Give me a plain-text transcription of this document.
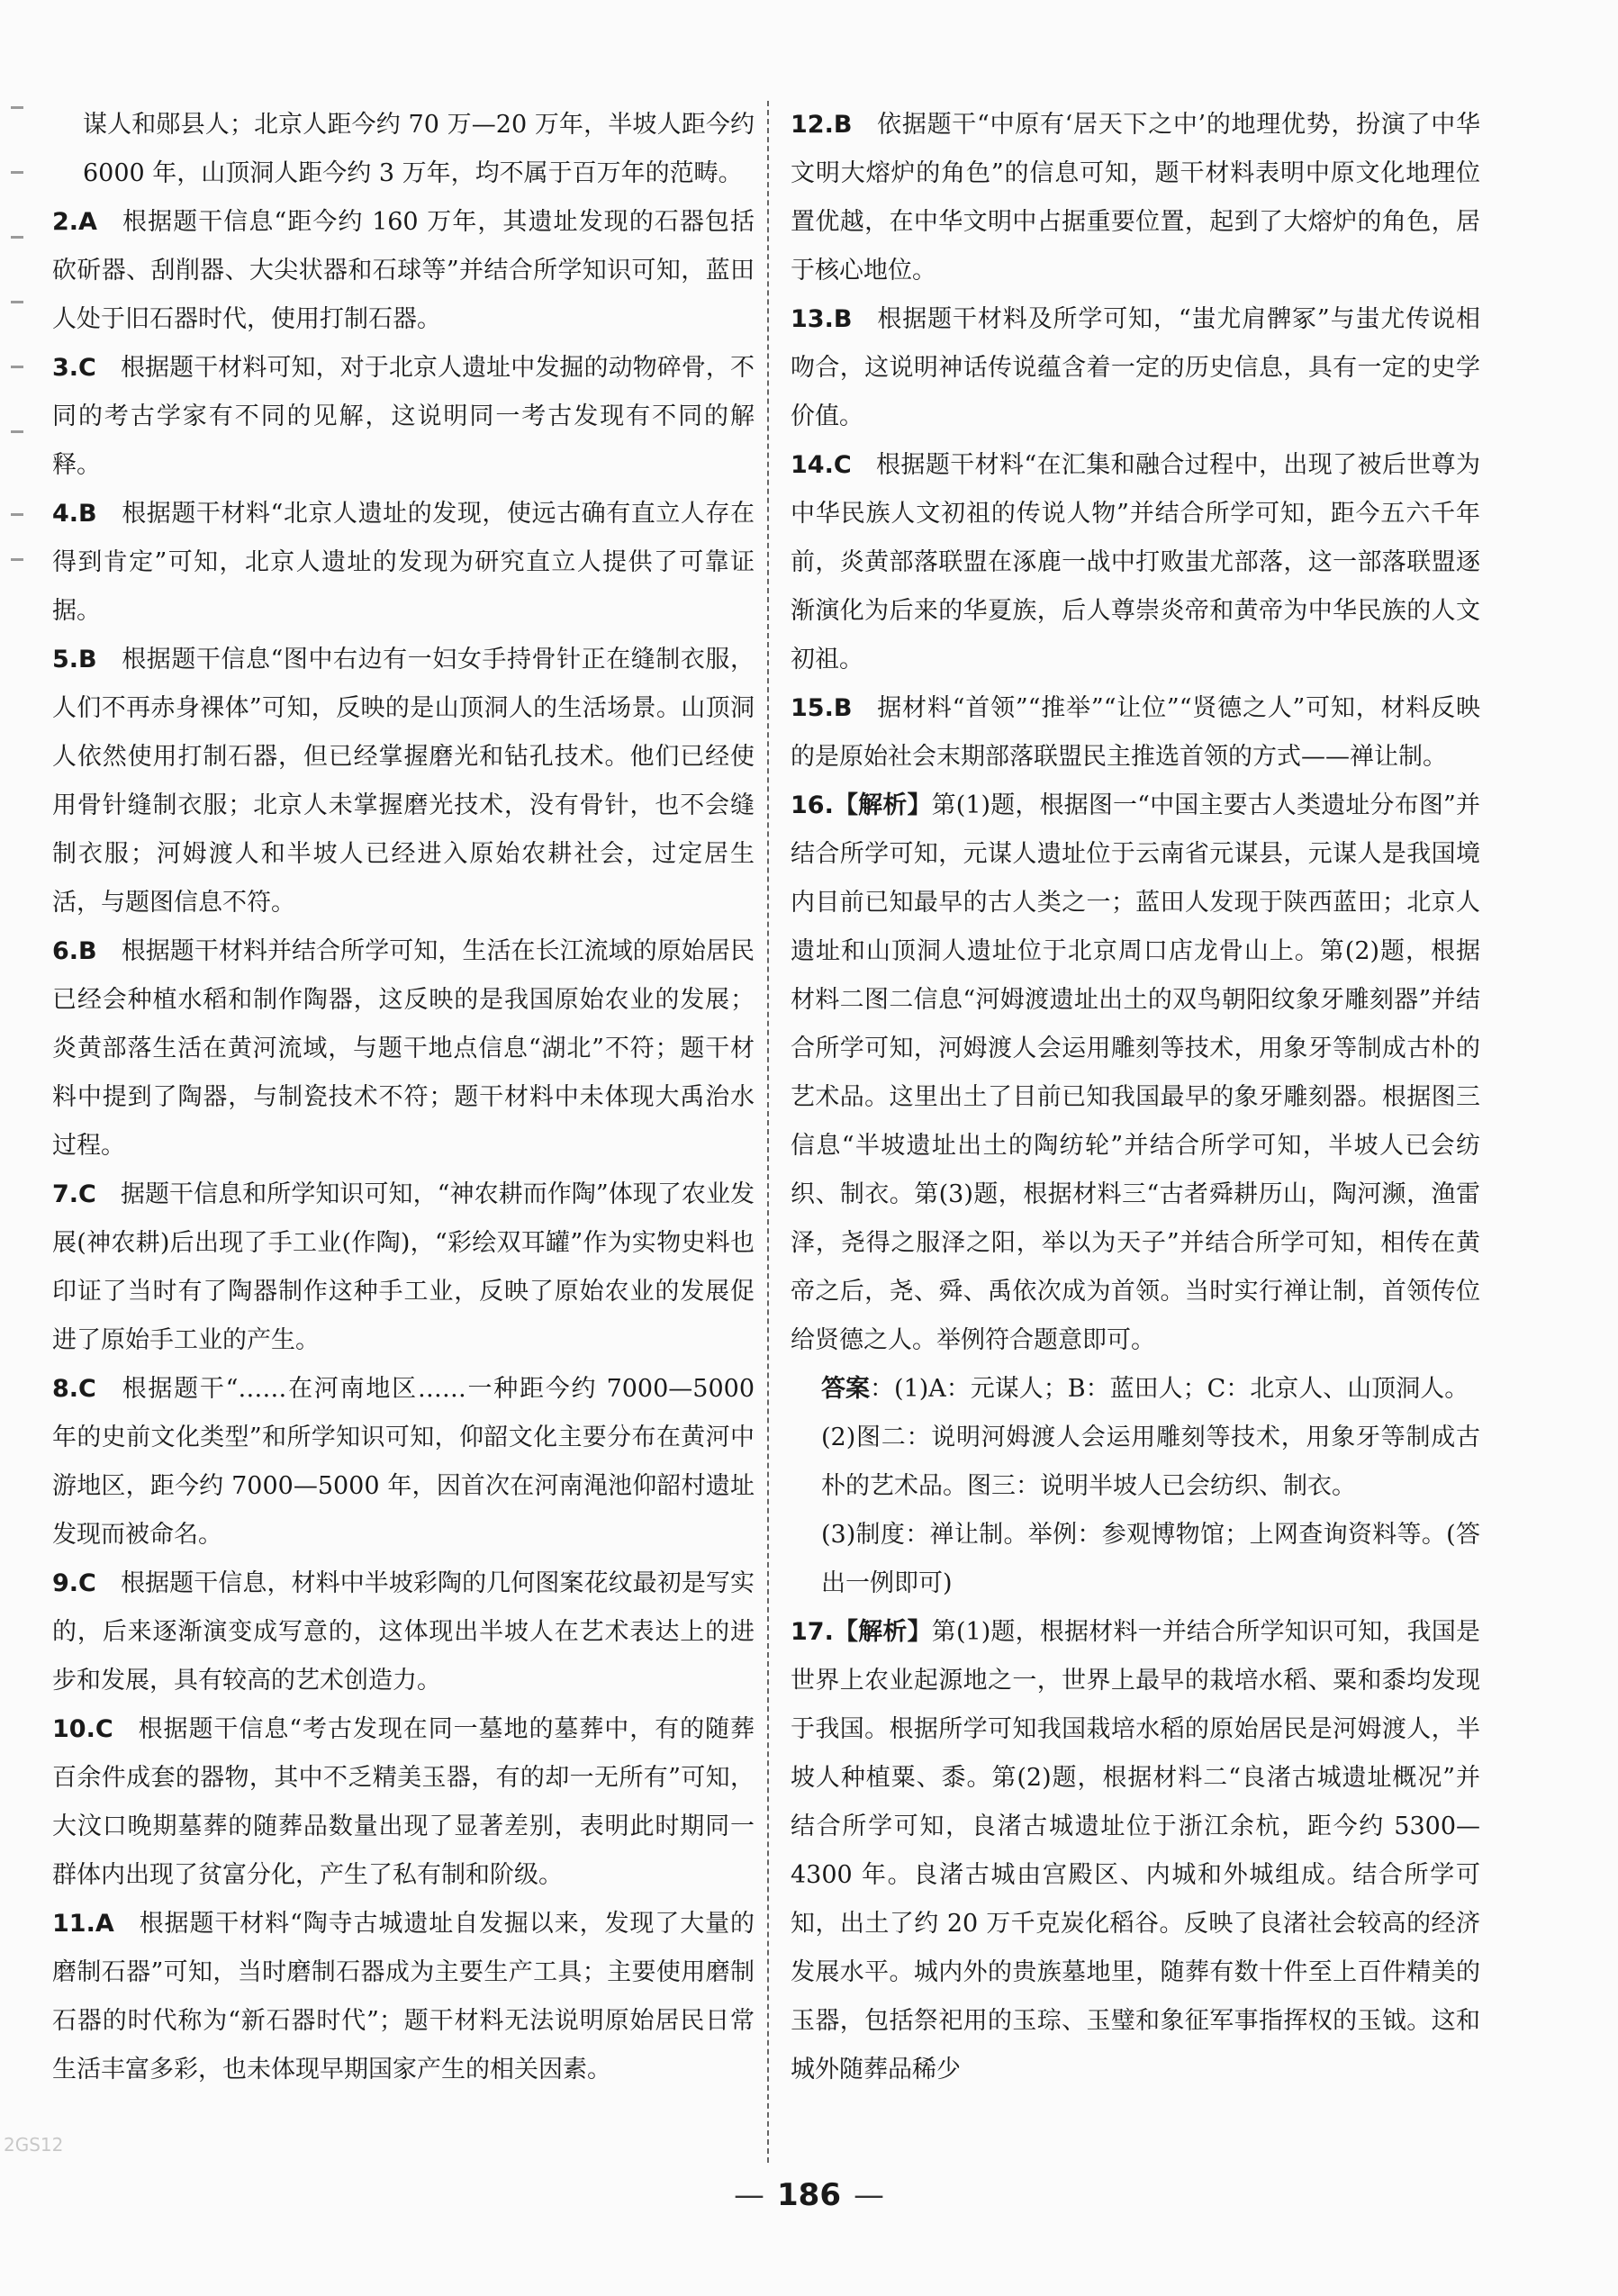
谋人和郧县人；北京人距今约 70 万—20 万年，半坡人距今约 6000 年，山顶洞人距今约 3 万年，均不属于百万年的范畴。

2.A  根据题干信息“距今约 160 万年，其遗址发现的石器包括砍斫器、刮削器、大尖状器和石球等”并结合所学知识可知，蓝田人处于旧石器时代，使用打制石器。

3.C  根据题干材料可知，对于北京人遗址中发掘的动物碎骨，不同的考古学家有不同的见解，这说明同一考古发现有不同的解释。

4.B  根据题干材料“北京人遗址的发现，使远古确有直立人存在得到肯定”可知，北京人遗址的发现为研究直立人提供了可靠证据。

5.B  根据题干信息“图中右边有一妇女手持骨针正在缝制衣服，人们不再赤身裸体”可知，反映的是山顶洞人的生活场景。山顶洞人依然使用打制石器，但已经掌握磨光和钻孔技术。他们已经使用骨针缝制衣服；北京人未掌握磨光技术，没有骨针，也不会缝制衣服；河姆渡人和半坡人已经进入原始农耕社会，过定居生活，与题图信息不符。

6.B  根据题干材料并结合所学可知，生活在长江流域的原始居民已经会种植水稻和制作陶器，这反映的是我国原始农业的发展；炎黄部落生活在黄河流域，与题干地点信息“湖北”不符；题干材料中提到了陶器，与制瓷技术不符；题干材料中未体现大禹治水过程。

7.C  据题干信息和所学知识可知，“神农耕而作陶”体现了农业发展(神农耕)后出现了手工业(作陶)，“彩绘双耳罐”作为实物史料也印证了当时有了陶器制作这种手工业，反映了原始农业的发展促进了原始手工业的产生。

8.C  根据题干“……在河南地区……一种距今约 7000—5000 年的史前文化类型”和所学知识可知，仰韶文化主要分布在黄河中游地区，距今约 7000—5000 年，因首次在河南渑池仰韶村遗址发现而被命名。

9.C  根据题干信息，材料中半坡彩陶的几何图案花纹最初是写实的，后来逐渐演变成写意的，这体现出半坡人在艺术表达上的进步和发展，具有较高的艺术创造力。

10.C  根据题干信息“考古发现在同一墓地的墓葬中，有的随葬百余件成套的器物，其中不乏精美玉器，有的却一无所有”可知，大汶口晚期墓葬的随葬品数量出现了显著差别，表明此时期同一群体内出现了贫富分化，产生了私有制和阶级。

11.A  根据题干材料“陶寺古城遗址自发掘以来，发现了大量的磨制石器”可知，当时磨制石器成为主要生产工具；主要使用磨制石器的时代称为“新石器时代”；题干材料无法说明原始居民日常生活丰富多彩，也未体现早期国家产生的相关因素。

12.B  依据题干“中原有‘居天下之中’的地理优势，扮演了中华文明大熔炉的角色”的信息可知，题干材料表明中原文化地理位置优越，在中华文明中占据重要位置，起到了大熔炉的角色，居于核心地位。

13.B  根据题干材料及所学可知，“蚩尤肩髀冢”与蚩尤传说相吻合，这说明神话传说蕴含着一定的历史信息，具有一定的史学价值。

14.C  根据题干材料“在汇集和融合过程中，出现了被后世尊为中华民族人文初祖的传说人物”并结合所学可知，距今五六千年前，炎黄部落联盟在涿鹿一战中打败蚩尤部落，这一部落联盟逐渐演化为后来的华夏族，后人尊崇炎帝和黄帝为中华民族的人文初祖。

15.B  据材料“首领”“推举”“让位”“贤德之人”可知，材料反映的是原始社会末期部落联盟民主推选首领的方式——禅让制。

16.【解析】第(1)题，根据图一“中国主要古人类遗址分布图”并结合所学可知，元谋人遗址位于云南省元谋县，元谋人是我国境内目前已知最早的古人类之一；蓝田人发现于陕西蓝田；北京人遗址和山顶洞人遗址位于北京周口店龙骨山上。第(2)题，根据材料二图二信息“河姆渡遗址出土的双鸟朝阳纹象牙雕刻器”并结合所学可知，河姆渡人会运用雕刻等技术，用象牙等制成古朴的艺术品。这里出土了目前已知我国最早的象牙雕刻器。根据图三信息“半坡遗址出土的陶纺轮”并结合所学可知，半坡人已会纺织、制衣。第(3)题，根据材料三“古者舜耕历山，陶河濒，渔雷泽，尧得之服泽之阳，举以为天子”并结合所学可知，相传在黄帝之后，尧、舜、禹依次成为首领。当时实行禅让制，首领传位给贤德之人。举例符合题意即可。

答案：(1)A：元谋人；B：蓝田人；C：北京人、山顶洞人。

(2)图二：说明河姆渡人会运用雕刻等技术，用象牙等制成古朴的艺术品。图三：说明半坡人已会纺织、制衣。

(3)制度：禅让制。举例：参观博物馆；上网查询资料等。(答出一例即可)

17.【解析】第(1)题，根据材料一并结合所学知识可知，我国是世界上农业起源地之一，世界上最早的栽培水稻、粟和黍均发现于我国。根据所学可知我国栽培水稻的原始居民是河姆渡人，半坡人种植粟、黍。第(2)题，根据材料二“良渚古城遗址概况”并结合所学可知，良渚古城遗址位于浙江余杭，距今约 5300—4300 年。良渚古城由宫殿区、内城和外城组成。结合所学可知，出土了约 20 万千克炭化稻谷。反映了良渚社会较高的经济发展水平。城内外的贵族墓地里，随葬有数十件至上百件精美的玉器，包括祭祀用的玉琮、玉璧和象征军事指挥权的玉钺。这和城外随葬品稀少

— 186 —
2GS12
